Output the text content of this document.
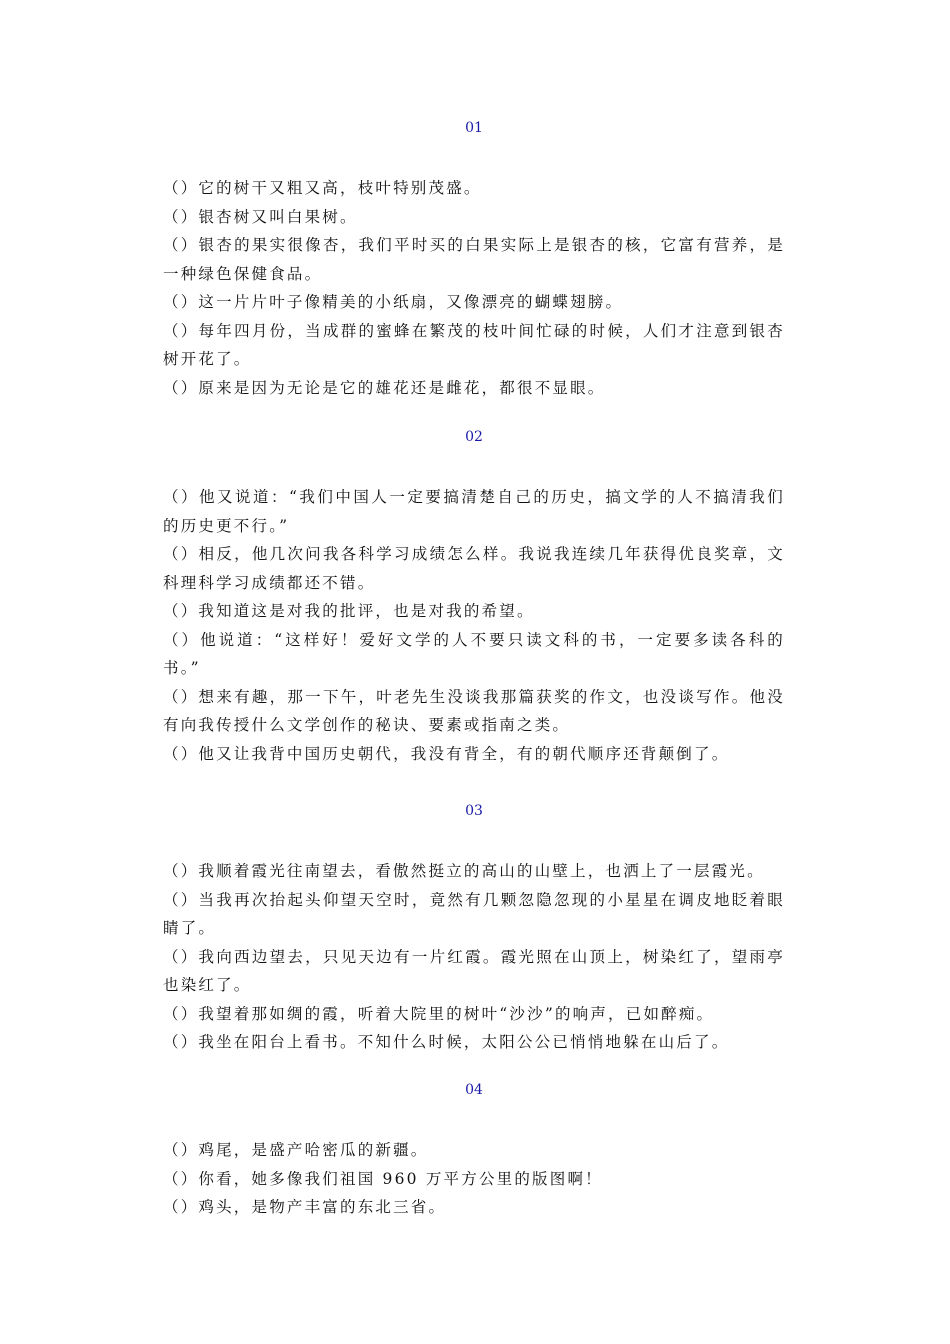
01
（）它的树干又粗又高，枝叶特别茂盛。
（）银杏树又叫白果树。
（）银杏的果实很像杏，我们平时买的白果实际上是银杏的核，它富有营养，是一种绿色保健食品。
（）这一片片叶子像精美的小纸扇，又像漂亮的蝴蝶翅膀。
（）每年四月份，当成群的蜜蜂在繁茂的枝叶间忙碌的时候，人们才注意到银杏树开花了。
（）原来是因为无论是它的雄花还是雌花，都很不显眼。
02
（）他又说道：“我们中国人一定要搞清楚自己的历史，搞文学的人不搞清我们的历史更不行。”
（）相反，他几次问我各科学习成绩怎么样。我说我连续几年获得优良奖章，文科理科学习成绩都还不错。
（）我知道这是对我的批评，也是对我的希望。
（）他说道：“这样好！爱好文学的人不要只读文科的书，一定要多读各科的书。”
（）想来有趣，那一下午，叶老先生没谈我那篇获奖的作文，也没谈写作。他没有向我传授什么文学创作的秘诀、要素或指南之类。
（）他又让我背中国历史朝代，我没有背全，有的朝代顺序还背颠倒了。
03
（）我顺着霞光往南望去，看傲然挺立的高山的山壁上，也洒上了一层霞光。
（）当我再次抬起头仰望天空时，竟然有几颗忽隐忽现的小星星在调皮地眨着眼睛了。
（）我向西边望去，只见天边有一片红霞。霞光照在山顶上，树染红了，望雨亭也染红了。
（）我望着那如绸的霞，听着大院里的树叶“沙沙”的响声，已如醉痴。
（）我坐在阳台上看书。不知什么时候，太阳公公已悄悄地躲在山后了。
04
（）鸡尾，是盛产哈密瓜的新疆。
（）你看，她多像我们祖国 960 万平方公里的版图啊！
（）鸡头，是物产丰富的东北三省。
